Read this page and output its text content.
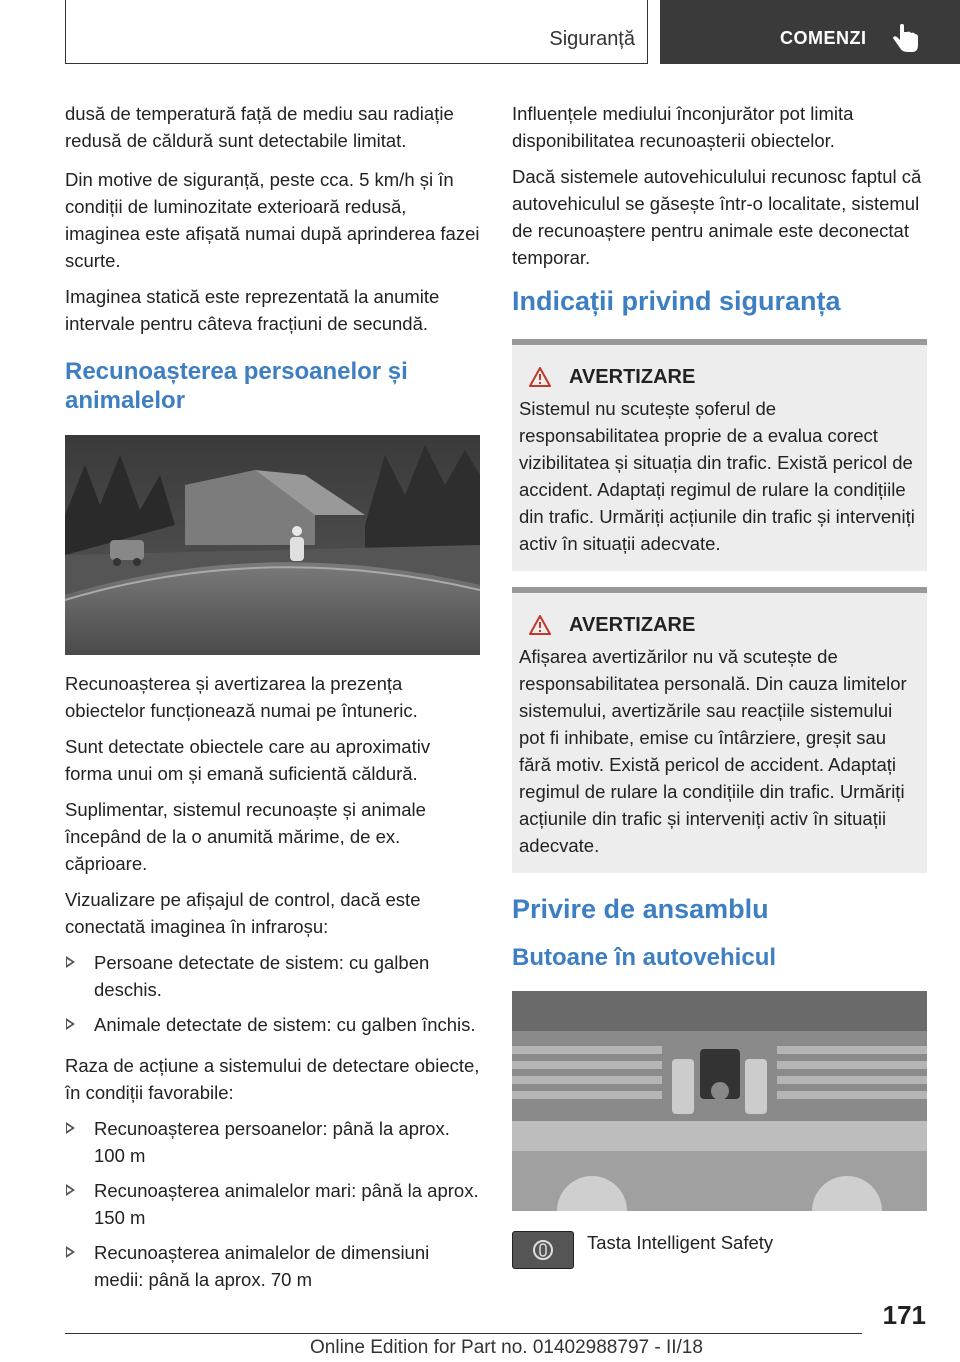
Siguranță	COMENZI

dusă de temperatură față de mediu sau radiație redusă de căldură sunt detectabile limitat.

Din motive de siguranță, peste cca. 5 km/h și în condiții de luminozitate exterioară redusă, imaginea este afișată numai după aprinderea fazei scurte.

Imaginea statică este reprezentată la anumite intervale pentru câteva fracțiuni de secundă.

Recunoașterea persoanelor și animalelor

Recunoașterea și avertizarea la prezența obiectelor funcționează numai pe întuneric.

Sunt detectate obiectele care au aproximativ forma unui om și emană suficientă căldură.

Suplimentar, sistemul recunoaște și animale începând de la o anumită mărime, de ex. căprioare.

Vizualizare pe afișajul de control, dacă este conectată imaginea în infraroșu:

Persoane detectate de sistem: cu galben deschis.
Animale detectate de sistem: cu galben închis.

Raza de acțiune a sistemului de detectare obiecte, în condiții favorabile:

Recunoașterea persoanelor: până la aprox. 100 m
Recunoașterea animalelor mari: până la aprox. 150 m
Recunoașterea animalelor de dimensiuni medii: până la aprox. 70 m

Influențele mediului înconjurător pot limita disponibilitatea recunoașterii obiectelor.

Dacă sistemele autovehiculului recunosc faptul că autovehiculul se găsește într-o localitate, sistemul de recunoaștere pentru animale este deconectat temporar.

Indicații privind siguranța
AVERTIZARE

Sistemul nu scutește șoferul de responsabilitatea proprie de a evalua corect vizibilitatea și situația din trafic. Există pericol de accident. Adaptați regimul de rulare la condițiile din trafic. Urmăriți acțiunile din trafic și interveniți activ în situații adecvate.

AVERTIZARE

Afișarea avertizărilor nu vă scutește de responsabilitatea personală. Din cauza limitelor sistemului, avertizările sau reacțiile sistemului pot fi inhibate, emise cu întârziere, greșit sau fără motiv. Există pericol de accident. Adaptați regimul de rulare la condițiile din trafic. Urmăriți acțiunile din trafic și interveniți activ în situații adecvate.

Privire de ansamblu
Butoane în autovehicul
Tasta Intelligent Safety
171
Online Edition for Part no. 01402988797 - II/18
